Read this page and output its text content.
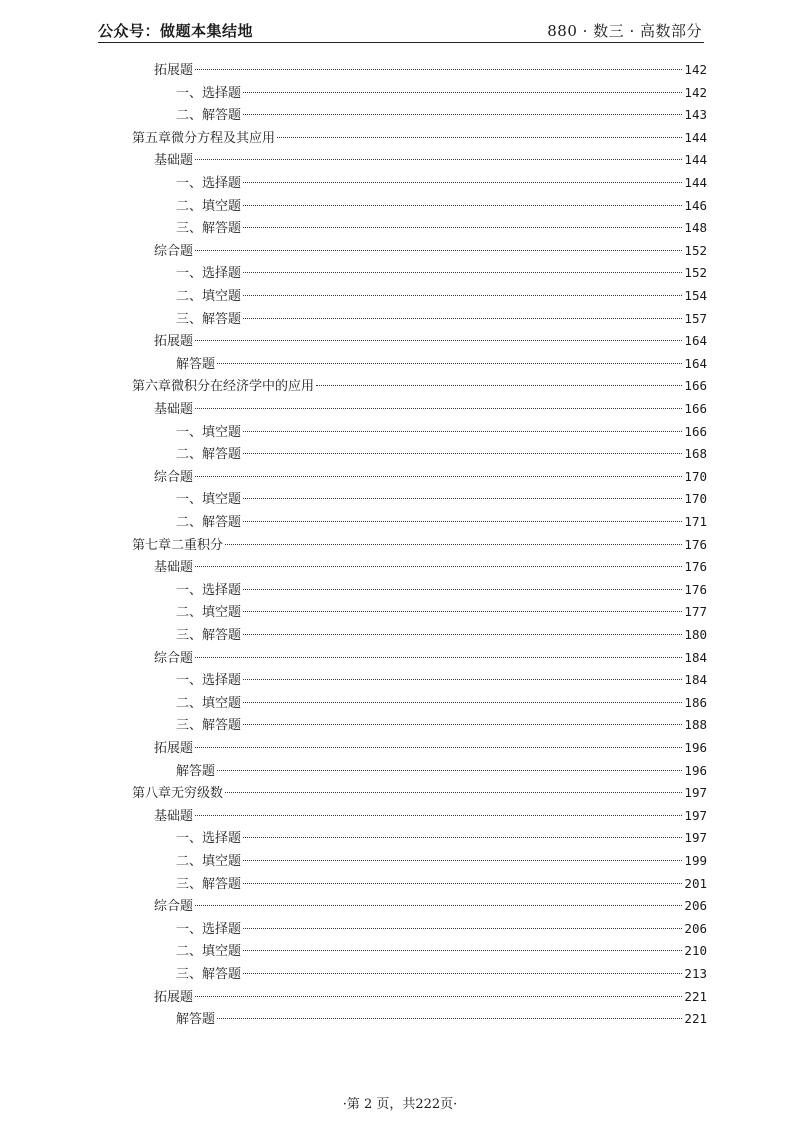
公众号：做题本集结地	880 · 数三 · 高数部分
拓展题	142
一、选择题	142
二、解答题	143
第五章微分方程及其应用	144
基础题	144
一、选择题	144
二、填空题	146
三、解答题	148
综合题	152
一、选择题	152
二、填空题	154
三、解答题	157
拓展题	164
解答题	164
第六章微积分在经济学中的应用	166
基础题	166
一、填空题	166
二、解答题	168
综合题	170
一、填空题	170
二、解答题	171
第七章二重积分	176
基础题	176
一、选择题	176
二、填空题	177
三、解答题	180
综合题	184
一、选择题	184
二、填空题	186
三、解答题	188
拓展题	196
解答题	196
第八章无穷级数	197
基础题	197
一、选择题	197
二、填空题	199
三、解答题	201
综合题	206
一、选择题	206
二、填空题	210
三、解答题	213
拓展题	221
解答题	221
·第 2 页，共222页·
